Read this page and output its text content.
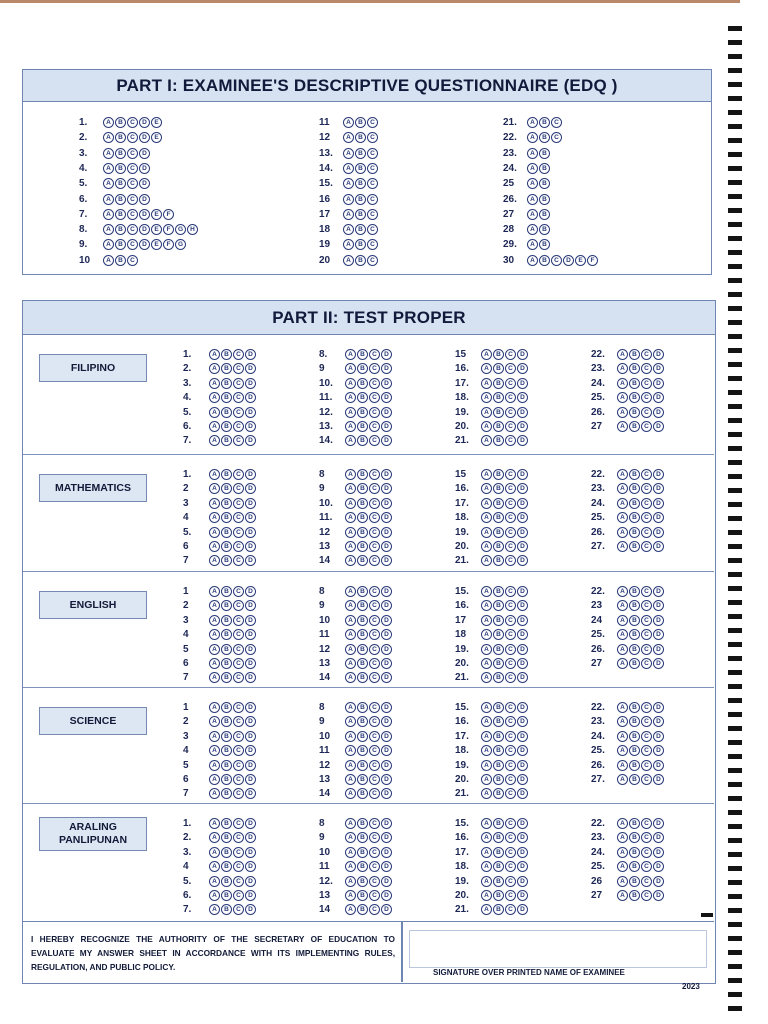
PART I: EXAMINEE'S DESCRIPTIVE QUESTIONNAIRE (EDQ )
1.	A	B	C	D	E
2.	A	B	C	D	E
3.	A	B	C	D
4.	A	B	C	D
5.	A	B	C	D
6.	A	B	C	D
7.	A	B	C	D	E	F
8.	A	B	C	D	E	F	G	H
9.	A	B	C	D	E	F	G
10	A	B	C
11	A	B	C
12	A	B	C
13.	A	B	C
14.	A	B	C
15.	A	B	C
16	A	B	C
17	A	B	C
18	A	B	C
19	A	B	C
20	A	B	C
21.	A	B	C
22.	A	B	C
23.	A	B
24.	A	B
25	A	B
26.	A	B
27	A	B
28	A	B
29.	A	B
30	A	B	C	D	E	F
PART II: TEST PROPER
FILIPINO
1.	A	B	C	D
2.	A	B	C	D
3.	A	B	C	D
4.	A	B	C	D
5.	A	B	C	D
6.	A	B	C	D
7.	A	B	C	D
8.	A	B	C	D
9	A	B	C	D
10.	A	B	C	D
11.	A	B	C	D
12.	A	B	C	D
13.	A	B	C	D
14.	A	B	C	D
15	A	B	C	D
16.	A	B	C	D
17.	A	B	C	D
18.	A	B	C	D
19.	A	B	C	D
20.	A	B	C	D
21.	A	B	C	D
22.	A	B	C	D
23.	A	B	C	D
24.	A	B	C	D
25.	A	B	C	D
26.	A	B	C	D
27	A	B	C	D
MATHEMATICS
1.	A	B	C	D
2	A	B	C	D
3	A	B	C	D
4	A	B	C	D
5.	A	B	C	D
6	A	B	C	D
7	A	B	C	D
8	A	B	C	D
9	A	B	C	D
10.	A	B	C	D
11.	A	B	C	D
12	A	B	C	D
13	A	B	C	D
14	A	B	C	D
15	A	B	C	D
16.	A	B	C	D
17.	A	B	C	D
18.	A	B	C	D
19.	A	B	C	D
20.	A	B	C	D
21.	A	B	C	D
22.	A	B	C	D
23.	A	B	C	D
24.	A	B	C	D
25.	A	B	C	D
26.	A	B	C	D
27.	A	B	C	D
ENGLISH
1	A	B	C	D
2	A	B	C	D
3	A	B	C	D
4	A	B	C	D
5	A	B	C	D
6	A	B	C	D
7	A	B	C	D
8	A	B	C	D
9	A	B	C	D
10	A	B	C	D
11	A	B	C	D
12	A	B	C	D
13	A	B	C	D
14	A	B	C	D
15.	A	B	C	D
16.	A	B	C	D
17	A	B	C	D
18	A	B	C	D
19.	A	B	C	D
20.	A	B	C	D
21.	A	B	C	D
22.	A	B	C	D
23	A	B	C	D
24	A	B	C	D
25.	A	B	C	D
26.	A	B	C	D
27	A	B	C	D
SCIENCE
1	A	B	C	D
2	A	B	C	D
3	A	B	C	D
4	A	B	C	D
5	A	B	C	D
6	A	B	C	D
7	A	B	C	D
8	A	B	C	D
9	A	B	C	D
10	A	B	C	D
11	A	B	C	D
12	A	B	C	D
13	A	B	C	D
14	A	B	C	D
15.	A	B	C	D
16.	A	B	C	D
17.	A	B	C	D
18.	A	B	C	D
19.	A	B	C	D
20.	A	B	C	D
21.	A	B	C	D
22.	A	B	C	D
23.	A	B	C	D
24.	A	B	C	D
25.	A	B	C	D
26.	A	B	C	D
27.	A	B	C	D
ARALING PANLIPUNAN
1.	A	B	C	D
2.	A	B	C	D
3.	A	B	C	D
4	A	B	C	D
5.	A	B	C	D
6.	A	B	C	D
7.	A	B	C	D
8	A	B	C	D
9	A	B	C	D
10	A	B	C	D
11	A	B	C	D
12.	A	B	C	D
13	A	B	C	D
14	A	B	C	D
15.	A	B	C	D
16.	A	B	C	D
17.	A	B	C	D
18.	A	B	C	D
19.	A	B	C	D
20.	A	B	C	D
21.	A	B	C	D
22.	A	B	C	D
23.	A	B	C	D
24.	A	B	C	D
25.	A	B	C	D
26	A	B	C	D
27	A	B	C	D
I HEREBY RECOGNIZE THE AUTHORITY OF THE SECRETARY OF EDUCATION TO EVALUATE MY ANSWER SHEET IN ACCORDANCE WITH ITS IMPLEMENTING RULES, REGULATION, AND PUBLIC POLICY.
SIGNATURE OVER PRINTED NAME OF EXAMINEE
2023
